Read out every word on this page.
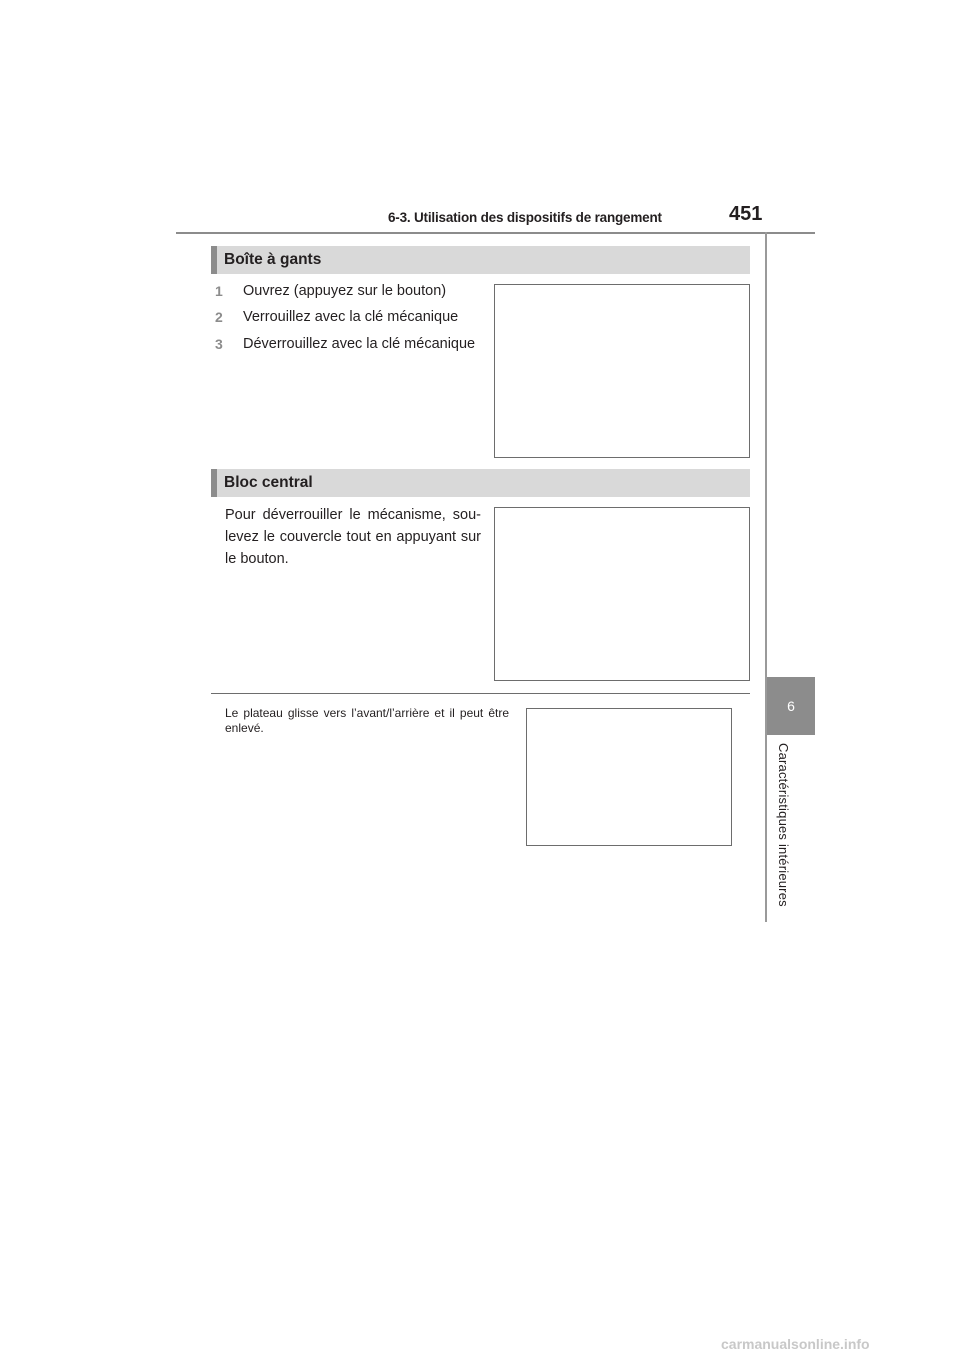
6-3. Utilisation des dispositifs de rangement	451
6
Caractéristiques intérieures
Boîte à gants
1	Ouvrez (appuyez sur le bouton)
2	Verrouillez avec la clé mécanique
3	Déverrouillez avec la clé mécanique
Bloc central
Pour déverrouiller le mécanisme, sou-levez le couvercle tout en appuyant sur le bouton.
Le plateau glisse vers l’avant/l’arrière et il peut être enlevé.
carmanualsonline.info
